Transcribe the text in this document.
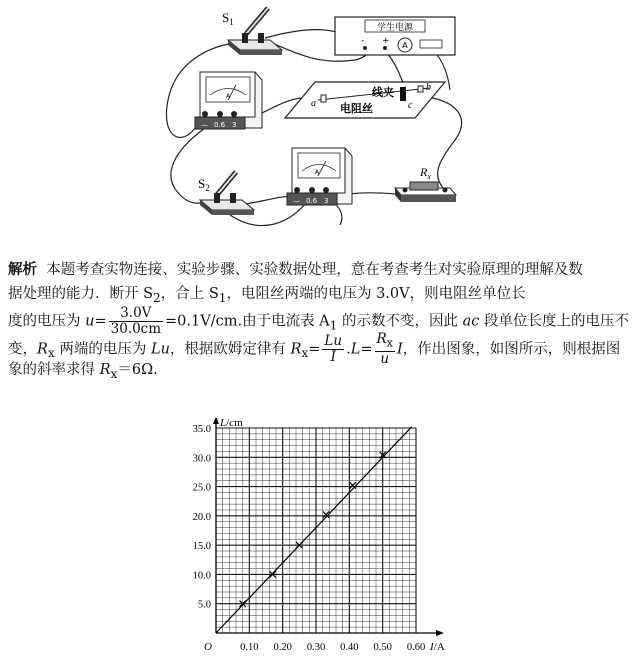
$S_1$
学生电源
- + A
A
— 0.6 3
a
b
c
线夹
电阻丝
A
— 0.6 3
$S_2$
$R_x$
解析 本题考查实物连接、实验步骤、实验数据处理，意在考查考生对实验原理的理解及数
据处理的能力．断开 $S_2$，合上 $S_1$，电阻丝两端的电压为 3.0V，则电阻丝单位长
度的电压为 $u= \frac{3.0V}{30.0cm} =0.1V/cm$.由于电流表 $A_1$ 的示数不变，因此 ac 段单位长度上的电压不
变，$R_x$ 两端的电压为 Lu，根据欧姆定律有 $R_x= \frac{Lu}{I} .L= \frac{R_x}{u}$ I，作出图象，如图所示，则根据图
象的斜率求得 $R_x=6\Omega$.
0.10 0.20 0.30 0.40 0.50 0.60
5.0
10.0
15.0
20.0
25.0
30.0
35.0
O
L/cm
I/A
